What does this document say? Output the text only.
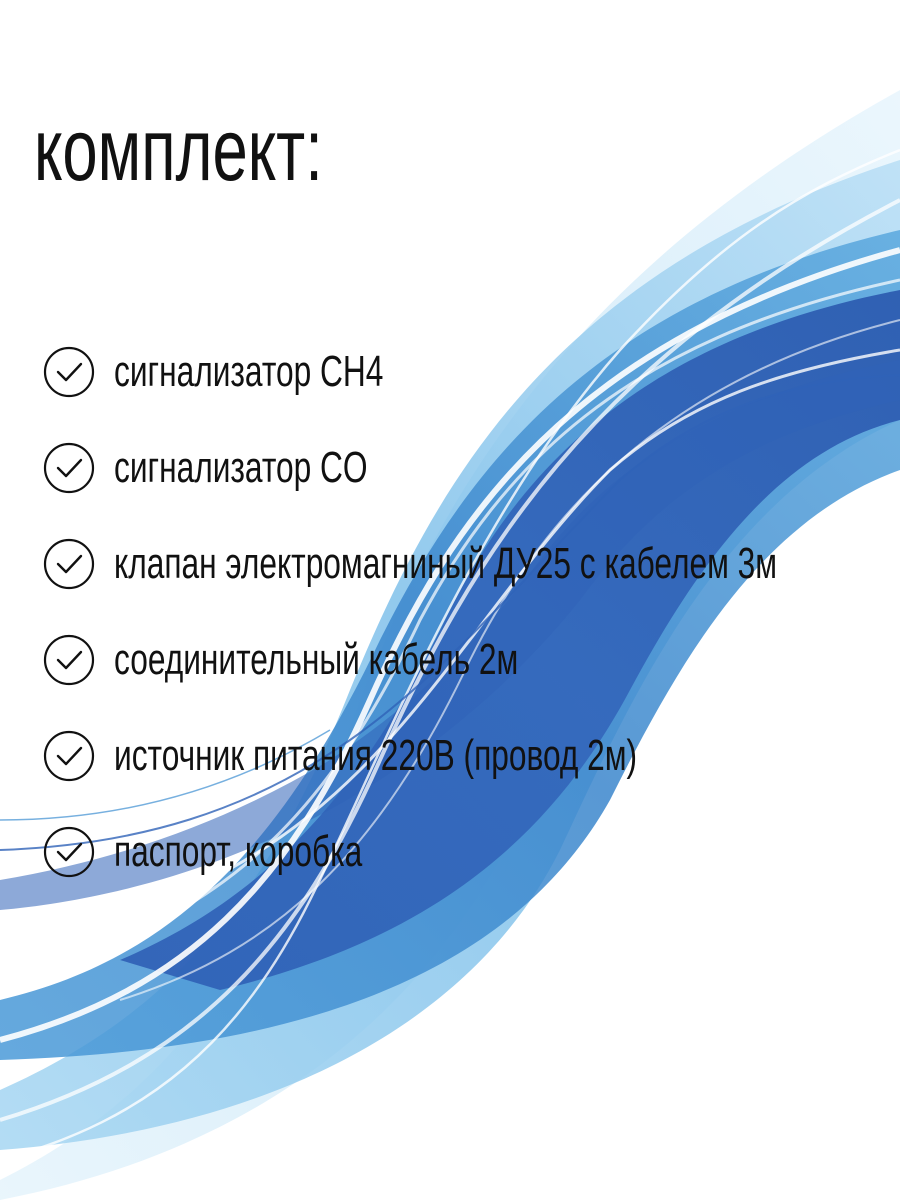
комплект:
сигнализатор CH4
сигнализатор CO
клапан электромагниный ДУ25 с кабелем 3м
соединительный кабель 2м
источник питания 220В (провод 2м)
паспорт, коробка
